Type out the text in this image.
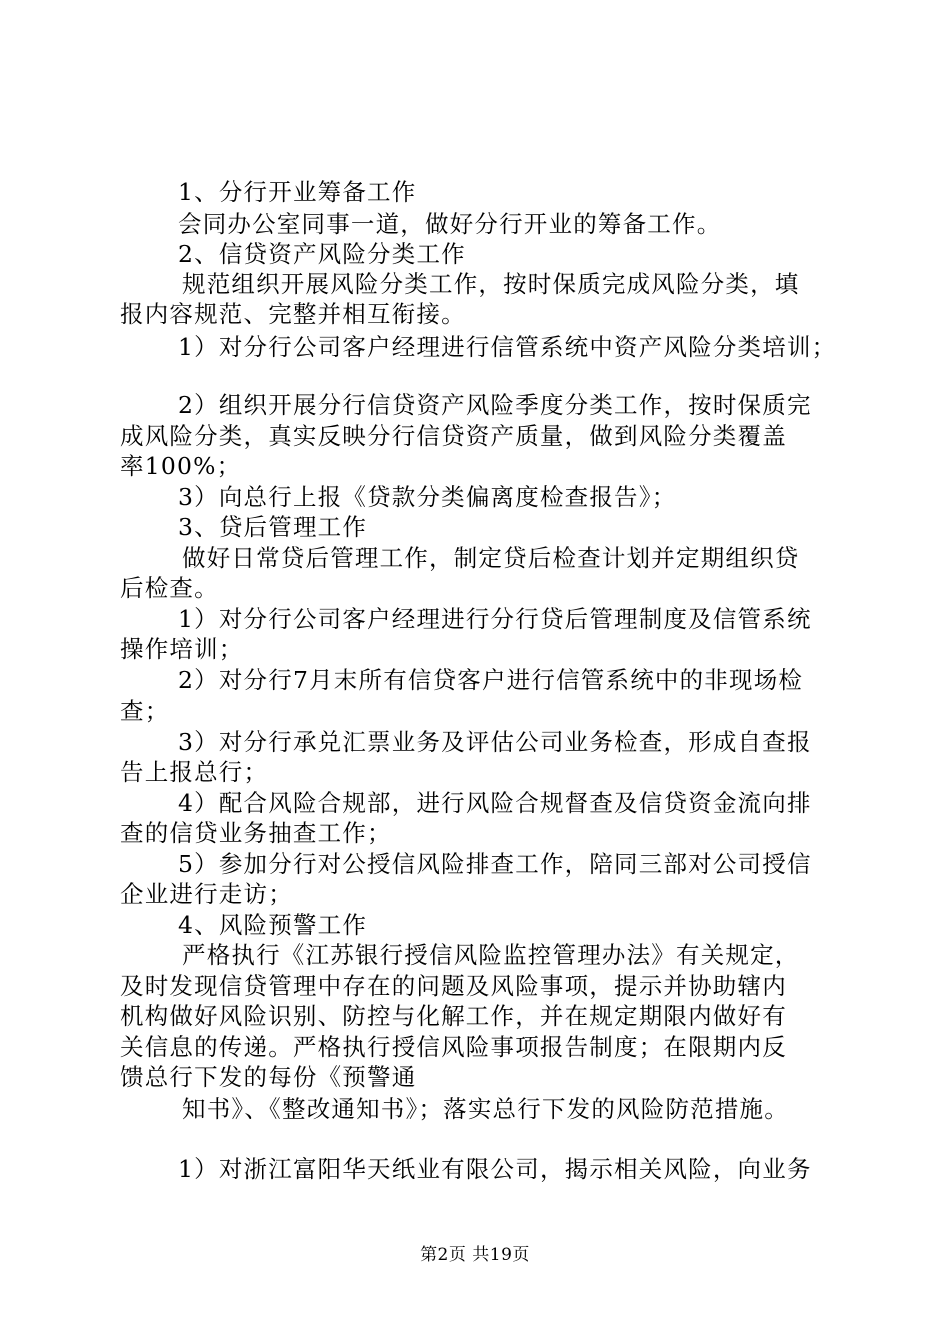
1、分行开业筹备工作
会同办公室同事一道，做好分行开业的筹备工作。
2、信贷资产风险分类工作
规范组织开展风险分类工作，按时保质完成风险分类，填
报内容规范、完整并相互衔接。
1）对分行公司客户经理进行信管系统中资产风险分类培训；
2）组织开展分行信贷资产风险季度分类工作，按时保质完
成风险分类，真实反映分行信贷资产质量，做到风险分类覆盖
率100%；
3）向总行上报《贷款分类偏离度检查报告》；
3、贷后管理工作
做好日常贷后管理工作，制定贷后检查计划并定期组织贷
后检查。
1）对分行公司客户经理进行分行贷后管理制度及信管系统
操作培训；
2）对分行7月末所有信贷客户进行信管系统中的非现场检
查；
3）对分行承兑汇票业务及评估公司业务检查，形成自查报
告上报总行；
4）配合风险合规部，进行风险合规督查及信贷资金流向排
查的信贷业务抽查工作；
5）参加分行对公授信风险排查工作，陪同三部对公司授信
企业进行走访；
4、风险预警工作
严格执行《江苏银行授信风险监控管理办法》有关规定，
及时发现信贷管理中存在的问题及风险事项，提示并协助辖内
机构做好风险识别、防控与化解工作，并在规定期限内做好有
关信息的传递。严格执行授信风险事项报告制度；在限期内反
馈总行下发的每份《预警通
知书》、《整改通知书》；落实总行下发的风险防范措施。
1）对浙江富阳华天纸业有限公司，揭示相关风险，向业务
第2页 共19页
